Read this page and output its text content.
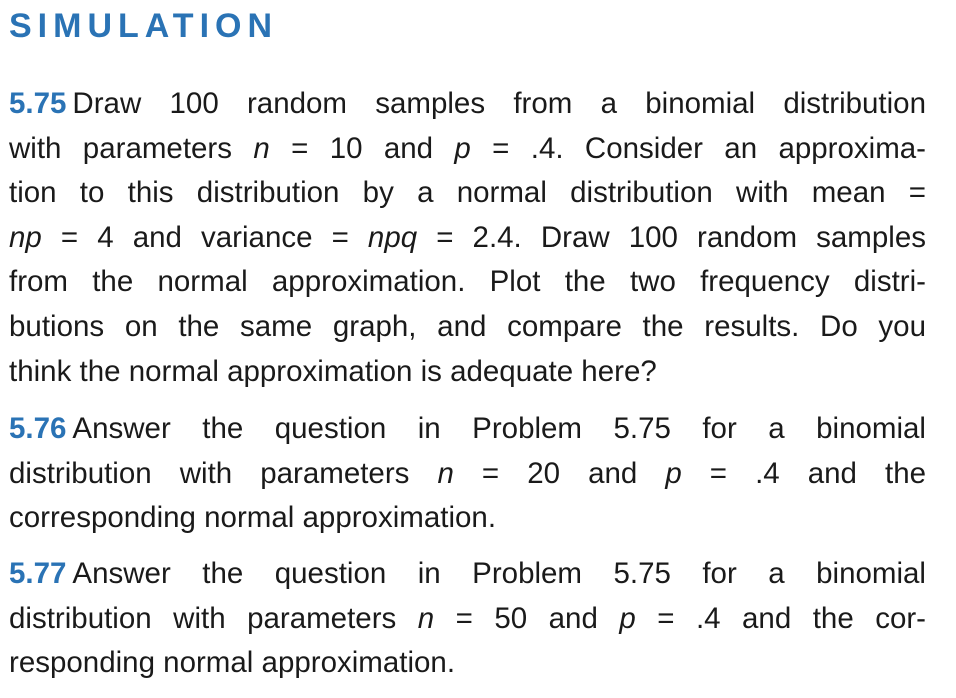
SIMULATION
5.75 Draw 100 random samples from a binomial distribution
with parameters n = 10 and p = .4. Consider an approxima-
tion to this distribution by a normal distribution with mean =
np = 4 and variance = npq = 2.4. Draw 100 random samples
from the normal approximation. Plot the two frequency distri-
butions on the same graph, and compare the results. Do you
think the normal approximation is adequate here?
5.76 Answer the question in Problem 5.75 for a binomial
distribution with parameters n = 20 and p = .4 and the
corresponding normal approximation.
5.77 Answer the question in Problem 5.75 for a binomial
distribution with parameters n = 50 and p = .4 and the cor-
responding normal approximation.
